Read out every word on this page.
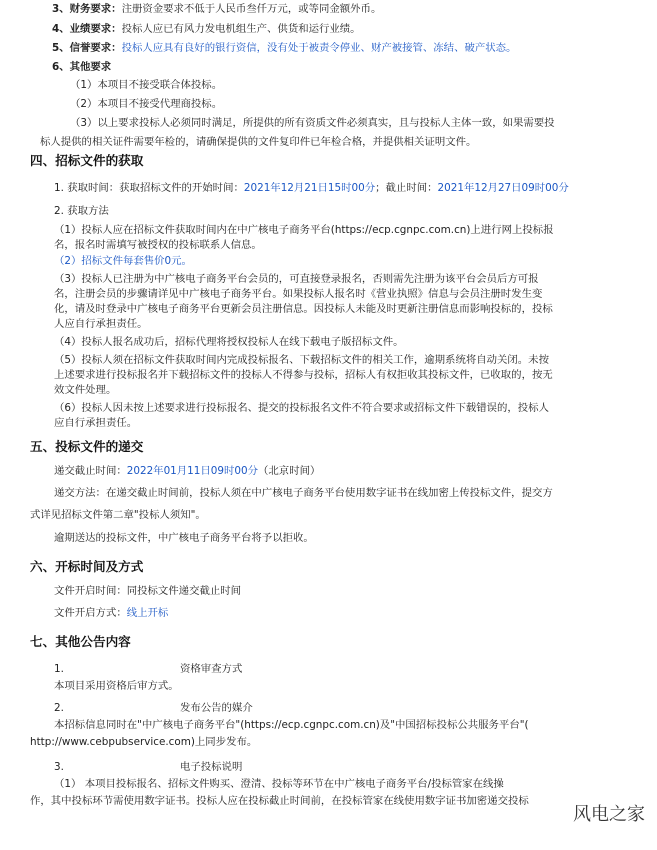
3、财务要求：注册资金要求不低于人民币叁仟万元，或等同金额外币。
4、业绩要求：投标人应已有风力发电机组生产、供货和运行业绩。
5、信誉要求：投标人应具有良好的银行资信，没有处于被责令停业、财产被接管、冻结、破产状态。
6、其他要求
（1）本项目不接受联合体投标。
（2）本项目不接受代理商投标。
（3）以上要求投标人必须同时满足，所提供的所有资质文件必须真实，且与投标人主体一致，如果需要投
标人提供的相关证件需要年检的，请确保提供的文件复印件已年检合格，并提供相关证明文件。
四、招标文件的获取
1. 获取时间：获取招标文件的开始时间：2021年12月21日15时00分；截止时间：2021年12月27日09时00分
2. 获取方法
（1）投标人应在招标文件获取时间内在中广核电子商务平台(https://ecp.cgnpc.com.cn)上进行网上投标报
名，报名时需填写被授权的投标联系人信息。
（2）招标文件每套售价0元。
（3）投标人已注册为中广核电子商务平台会员的，可直接登录报名，否则需先注册为该平台会员后方可报
名，注册会员的步骤请详见中广核电子商务平台。如果投标人报名时《营业执照》信息与会员注册时发生变
化，请及时登录中广核电子商务平台更新会员注册信息。因投标人未能及时更新注册信息而影响投标的，投标
人应自行承担责任。
（4）投标人报名成功后，招标代理将授权投标人在线下载电子版招标文件。
（5）投标人须在招标文件获取时间内完成投标报名、下载招标文件的相关工作，逾期系统将自动关闭。未按
上述要求进行投标报名并下载招标文件的投标人不得参与投标，招标人有权拒收其投标文件，已收取的，按无
效文件处理。
（6）投标人因未按上述要求进行投标报名、提交的投标报名文件不符合要求或招标文件下载错误的，投标人
应自行承担责任。
五、投标文件的递交
递交截止时间：2022年01月11日09时00分（北京时间）
递交方法：在递交截止时间前，投标人须在中广核电子商务平台使用数字证书在线加密上传投标文件，提交方
式详见招标文件第二章"投标人须知"。
逾期送达的投标文件，中广核电子商务平台将予以拒收。
六、开标时间及方式
文件开启时间：同投标文件递交截止时间
文件开启方式：线上开标
七、其他公告内容
1.	资格审查方式
本项目采用资格后审方式。
2.	发布公告的媒介
本招标信息同时在"中广核电子商务平台"(https://ecp.cgnpc.com.cn)及"中国招标投标公共服务平台"(
http://www.cebpubservice.com)上同步发布。
3.	电子投标说明
（1） 本项目投标报名、招标文件购买、澄清、投标等环节在中广核电子商务平台/投标管家在线操
作，其中投标环节需使用数字证书。投标人应在投标截止时间前，在投标管家在线使用数字证书加密递交投标
风电之家
